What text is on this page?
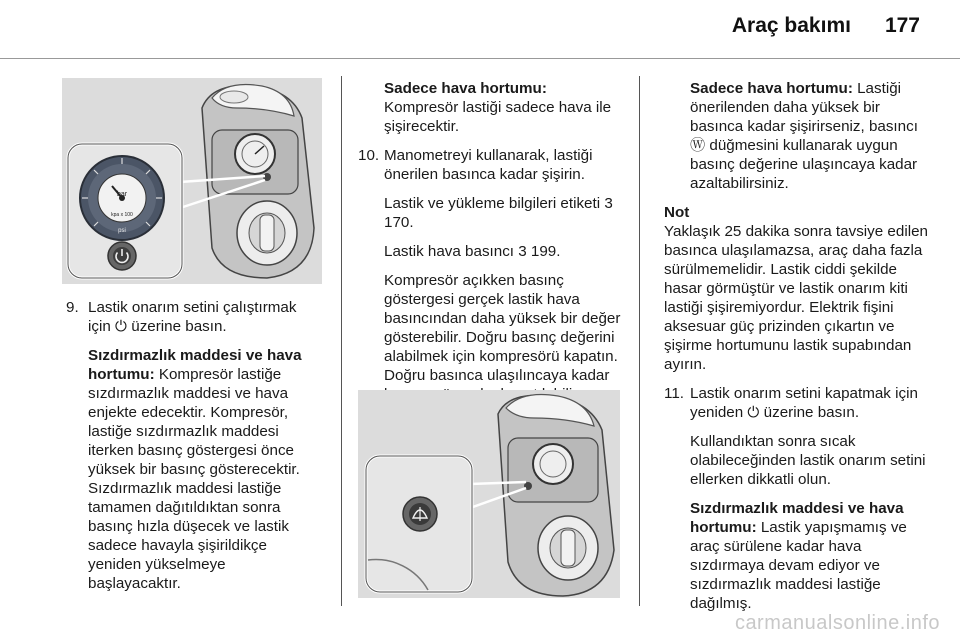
Araç bakımı 177
bar
kpa x 100
psi
9. Lastik onarım setini çalıştırmak için ⏻ üzerine basın.

Sızdırmazlık maddesi ve hava hortumu: Kompresör lastiğe sızdırmazlık maddesi ve hava enjekte edecektir. Kompresör, lastiğe sızdırmazlık maddesi iterken basınç göstergesi önce yüksek bir basınç gösterecektir. Sızdırmazlık maddesi lastiğe tamamen dağıtıldıktan sonra basınç hızla düşecek ve lastik sadece havayla şişirildikçe yeniden yükselmeye başlayacaktır.

Sadece hava hortumu:
Kompresör lastiği sadece hava ile şişirecektir.

10. Manometreyi kullanarak, lastiği önerilen basınca kadar şişirin.

Lastik ve yükleme bilgileri etiketi 3 170.

Lastik hava basıncı 3 199.

Kompresör açıkken basınç göstergesi gerçek lastik hava basıncından daha yüksek bir değer gösterebilir. Doğru basınç değerini alabilmek için kompresörü kapatın. Doğru basınca ulaşılıncaya kadar

Sadece hava hortumu: Lastiği önerilenden daha yüksek bir basınca kadar şişirirseniz, basıncı Ⓦ düğmesini kullanarak uygun basınç değerine ulaşıncaya kadar azaltabilirsiniz.

Not

Yaklaşık 25 dakika sonra tavsiye edilen basınca ulaşılamazsa, araç daha fazla sürülmemelidir. Lastik ciddi şekilde hasar görmüştür ve lastik onarım kiti lastiği şişiremiyordur. Elektrik fişini aksesuar güç prizinden çıkartın ve şişirme hortumunu lastik supabından ayırın.

11. Lastik onarım setini kapatmak için yeniden ⏻ üzerine basın.

Kullandıktan sonra sıcak olabileceğinden lastik onarım setini ellerken dikkatli olun.

Sızdırmazlık maddesi ve hava hortumu: Lastik yapışmamış ve araç sürülene kadar hava sızdırmaya devam ediyor ve sızdırmazlık maddesi lastiğe dağılmış.

carmanualsonline.info
